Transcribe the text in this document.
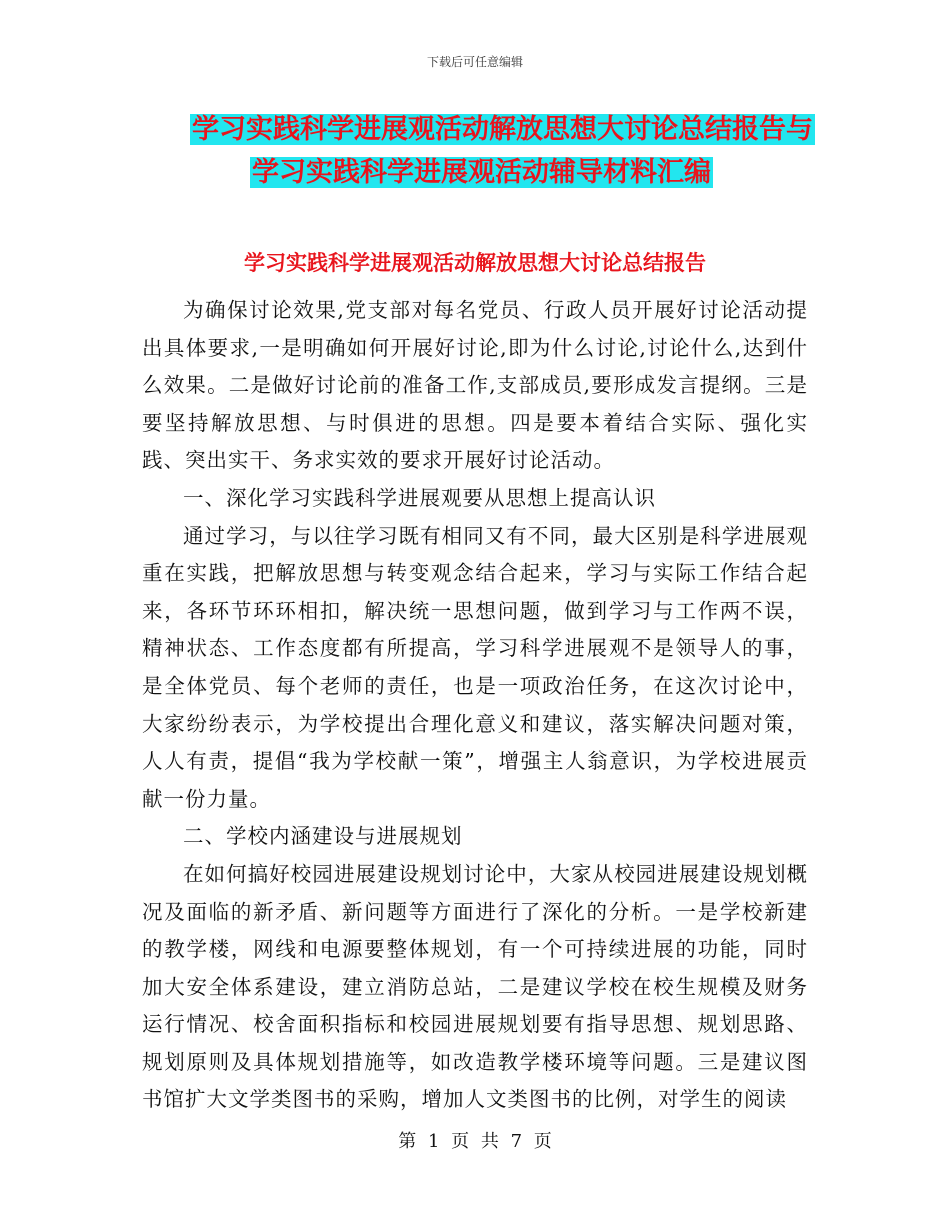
下载后可任意编辑
学习实践科学进展观活动解放思想大讨论总结报告与
学习实践科学进展观活动辅导材料汇编
学习实践科学进展观活动解放思想大讨论总结报告

为确保讨论效果,党支部对每名党员、行政人员开展好讨论活动提出具体要求,一是明确如何开展好讨论,即为什么讨论,讨论什么,达到什么效果。二是做好讨论前的准备工作,支部成员,要形成发言提纲。三是要坚持解放思想、与时俱进的思想。四是要本着结合实际、强化实践、突出实干、务求实效的要求开展好讨论活动。

一、深化学习实践科学进展观要从思想上提高认识

通过学习，与以往学习既有相同又有不同，最大区别是科学进展观重在实践，把解放思想与转变观念结合起来，学习与实际工作结合起来，各环节环环相扣，解决统一思想问题，做到学习与工作两不误，精神状态、工作态度都有所提高，学习科学进展观不是领导人的事，是全体党员、每个老师的责任，也是一项政治任务，在这次讨论中，大家纷纷表示，为学校提出合理化意义和建议，落实解决问题对策，人人有责，提倡“我为学校献一策”，增强主人翁意识，为学校进展贡献一份力量。

二、学校内涵建设与进展规划

在如何搞好校园进展建设规划讨论中，大家从校园进展建设规划概况及面临的新矛盾、新问题等方面进行了深化的分析。一是学校新建的教学楼，网线和电源要整体规划，有一个可持续进展的功能，同时加大安全体系建设，建立消防总站，二是建议学校在校生规模及财务运行情况、校舍面积指标和校园进展规划要有指导思想、规划思路、规划原则及具体规划措施等，如改造教学楼环境等问题。三是建议图书馆扩大文学类图书的采购，增加人文类图书的比例，对学生的阅读

第 1 页 共 7 页
